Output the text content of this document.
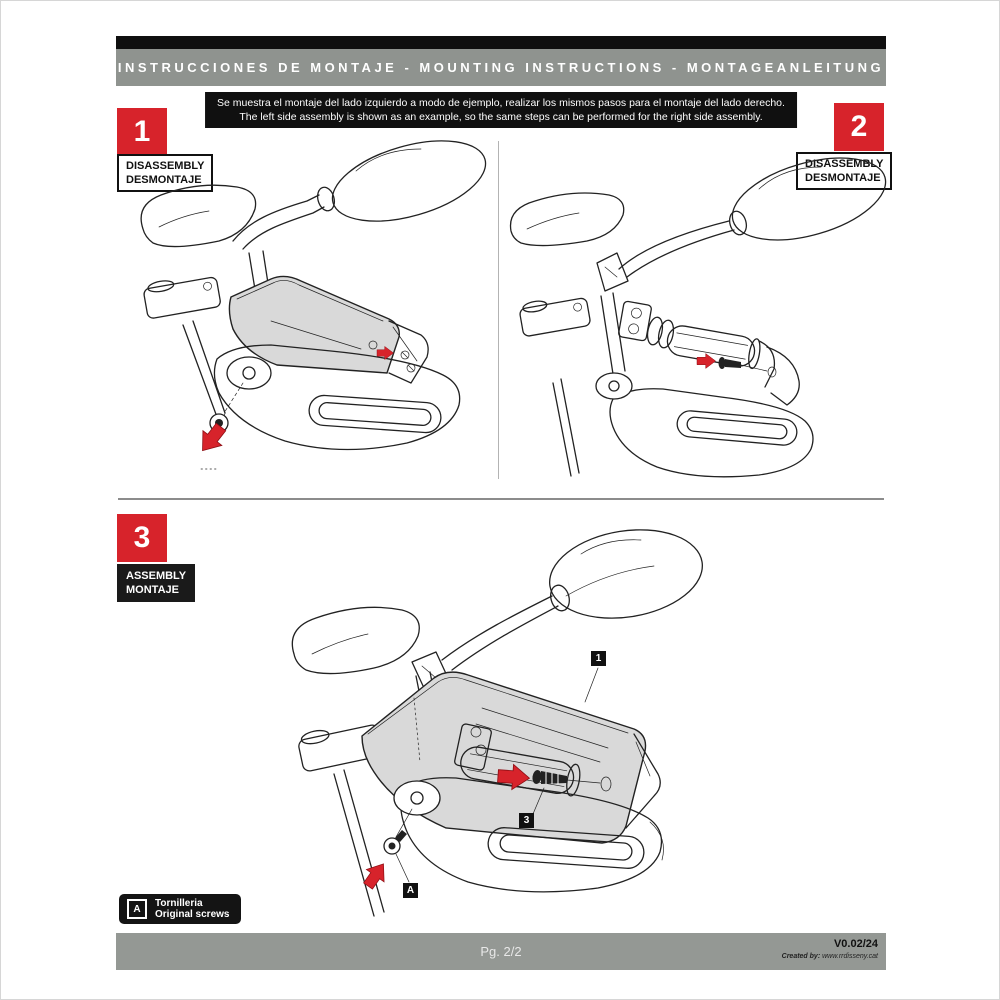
INSTRUCCIONES DE MONTAJE - MOUNTING INSTRUCTIONS - MONTAGEANLEITUNG
Se muestra el montaje del lado izquierdo a modo de ejemplo, realizar los mismos pasos para el montaje del lado derecho.
The left side assembly is shown as an example, so the same steps can be performed for the right side assembly.
1
DISASSEMBLY
DESMONTAJE
2
DISASSEMBLY
DESMONTAJE
3
ASSEMBLY
MONTAJE
1
3
A
A Tornilleria
Original screws
Pg. 2/2	V0.02/24
Created by: www.rrdisseny.cat
